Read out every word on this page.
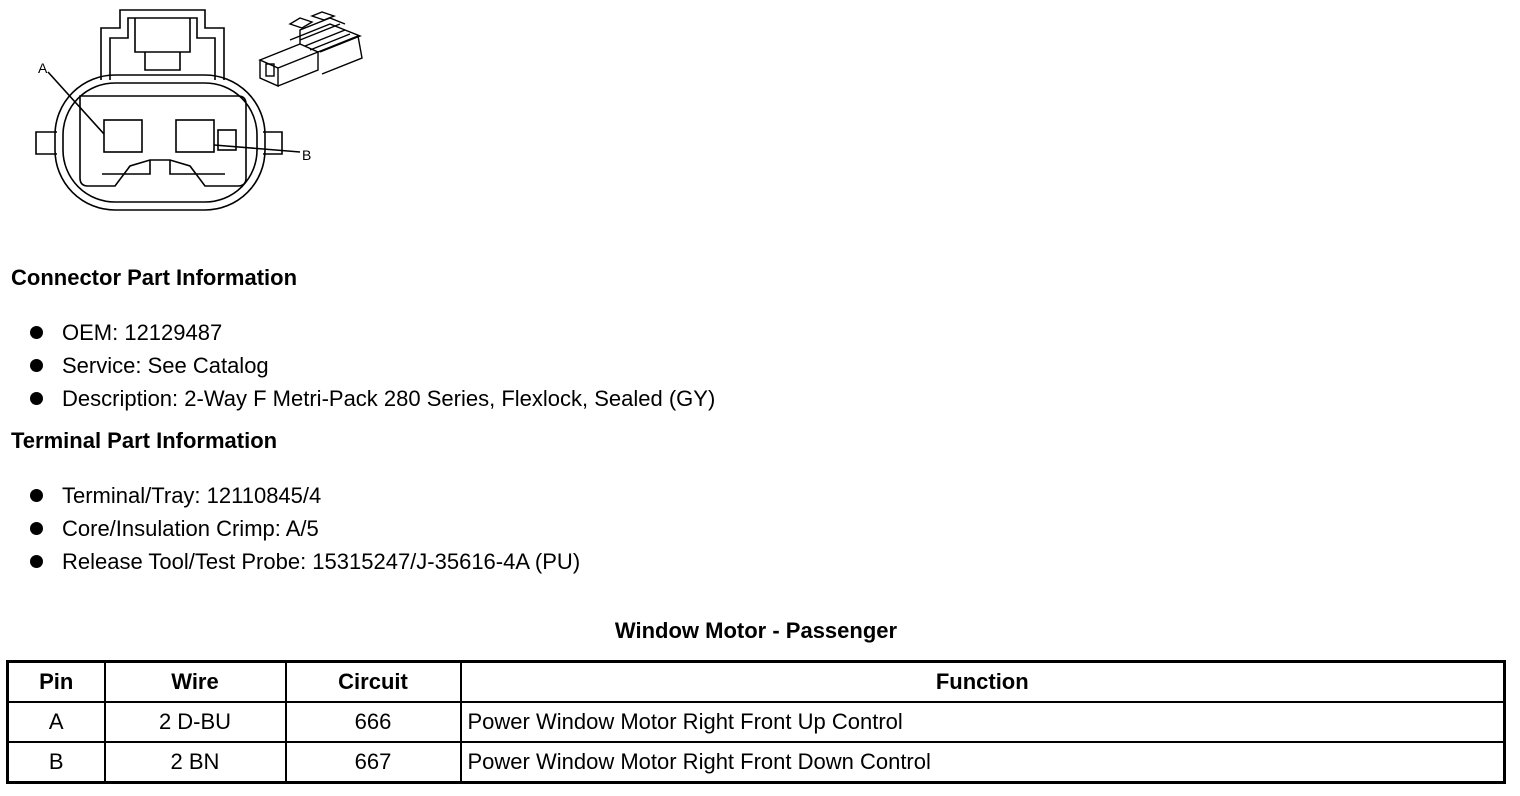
A
B
Connector Part Information
OEM: 12129487
Service: See Catalog
Description: 2-Way F Metri-Pack 280 Series, Flexlock, Sealed (GY)
Terminal Part Information
Terminal/Tray: 12110845/4
Core/Insulation Crimp: A/5
Release Tool/Test Probe: 15315247/J-35616-4A (PU)
Window Motor - Passenger
Pin	Wire	Circuit	Function
A	2 D-BU	666	Power Window Motor Right Front Up Control
B	2 BN	667	Power Window Motor Right Front Down Control
